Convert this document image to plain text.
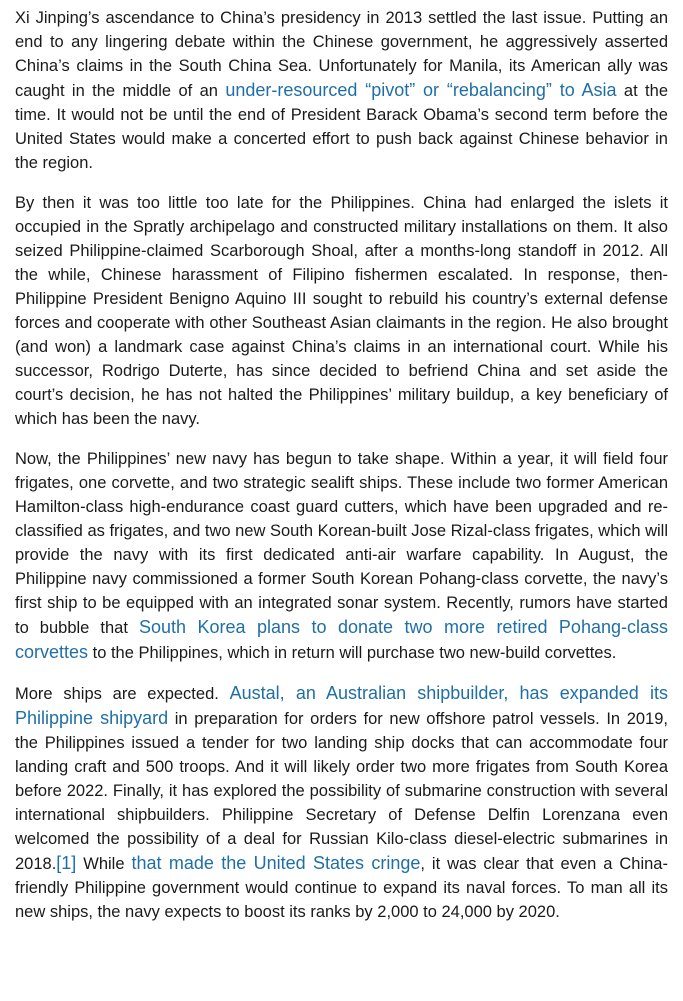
Xi Jinping’s ascendance to China’s presidency in 2013 settled the last issue. Putting an end to any lingering debate within the Chinese government, he aggressively asserted China’s claims in the South China Sea. Unfortunately for Manila, its American ally was caught in the middle of an under-resourced “pivot” or “rebalancing” to Asia at the time. It would not be until the end of President Barack Obama’s second term before the United States would make a concerted effort to push back against Chinese behavior in the region.

By then it was too little too late for the Philippines. China had enlarged the islets it occupied in the Spratly archipelago and constructed military installations on them. It also seized Philippine-claimed Scarborough Shoal, after a months-long standoff in 2012. All the while, Chinese harassment of Filipino fishermen escalated. In response, then-Philippine President Benigno Aquino III sought to rebuild his country’s external defense forces and cooperate with other Southeast Asian claimants in the region. He also brought (and won) a landmark case against China’s claims in an international court. While his successor, Rodrigo Duterte, has since decided to befriend China and set aside the court’s decision, he has not halted the Philippines’ military buildup, a key beneficiary of which has been the navy.

Now, the Philippines’ new navy has begun to take shape. Within a year, it will field four frigates, one corvette, and two strategic sealift ships. These include two former American Hamilton-class high-endurance coast guard cutters, which have been upgraded and re-classified as frigates, and two new South Korean-built Jose Rizal-class frigates, which will provide the navy with its first dedicated anti-air warfare capability. In August, the Philippine navy commissioned a former South Korean Pohang-class corvette, the navy’s first ship to be equipped with an integrated sonar system. Recently, rumors have started to bubble that South Korea plans to donate two more retired Pohang-class corvettes to the Philippines, which in return will purchase two new-build corvettes.

More ships are expected. Austal, an Australian shipbuilder, has expanded its Philippine shipyard in preparation for orders for new offshore patrol vessels. In 2019, the Philippines issued a tender for two landing ship docks that can accommodate four landing craft and 500 troops. And it will likely order two more frigates from South Korea before 2022. Finally, it has explored the possibility of submarine construction with several international shipbuilders. Philippine Secretary of Defense Delfin Lorenzana even welcomed the possibility of a deal for Russian Kilo-class diesel-electric submarines in 2018.[1] While that made the United States cringe, it was clear that even a China-friendly Philippine government would continue to expand its naval forces. To man all its new ships, the navy expects to boost its ranks by 2,000 to 24,000 by 2020.
